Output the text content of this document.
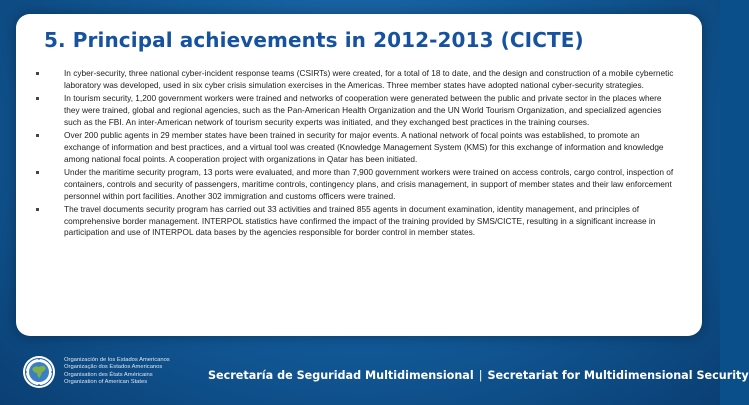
5. Principal achievements in 2012-2013 (CICTE)
In cyber-security, three national cyber-incident response teams (CSIRTs) were created, for a total of 18 to date, and the design and construction of a mobile cybernetic laboratory was developed, used in six cyber crisis simulation exercises in the Americas. Three member states have adopted national cyber-security strategies.
In tourism security, 1,200 government workers were trained and networks of cooperation were generated between the public and private sector in the places where they were trained, global and regional agencies, such as the Pan-American Health Organization and the UN World Tourism Organization, and specialized agencies such as the FBI. An inter-American network of tourism security experts was initiated, and they exchanged best practices in the training courses.
Over 200 public agents in 29 member states have been trained in security for major events. A national network of focal points was established, to promote an exchange of information and best practices, and a virtual tool was created (Knowledge Management System (KMS) for this exchange of information and knowledge among national focal points. A cooperation project with organizations in Qatar has been initiated.
Under the maritime security program, 13 ports were evaluated, and more than 7,900 government workers were trained on access controls, cargo control, inspection of containers, controls and security of passengers, maritime controls, contingency plans, and crisis management, in support of member states and their law enforcement personnel within port facilities. Another 302 immigration and customs officers were trained.
The travel documents security program has carried out 33 activities and trained 855 agents in document examination, identity management, and principles of comprehensive border management. INTERPOL statistics have confirmed the impact of the training provided by SMS/CICTE, resulting in a significant increase in participation and use of INTERPOL data bases by the agencies responsible for border control in member states.
Organización de los Estados Americanos
Organização dos Estados Americanos
Organisation des États Américains
Organization of American States
Secretaría de Seguridad Multidimensional | Secretariat for Multidimensional Security
